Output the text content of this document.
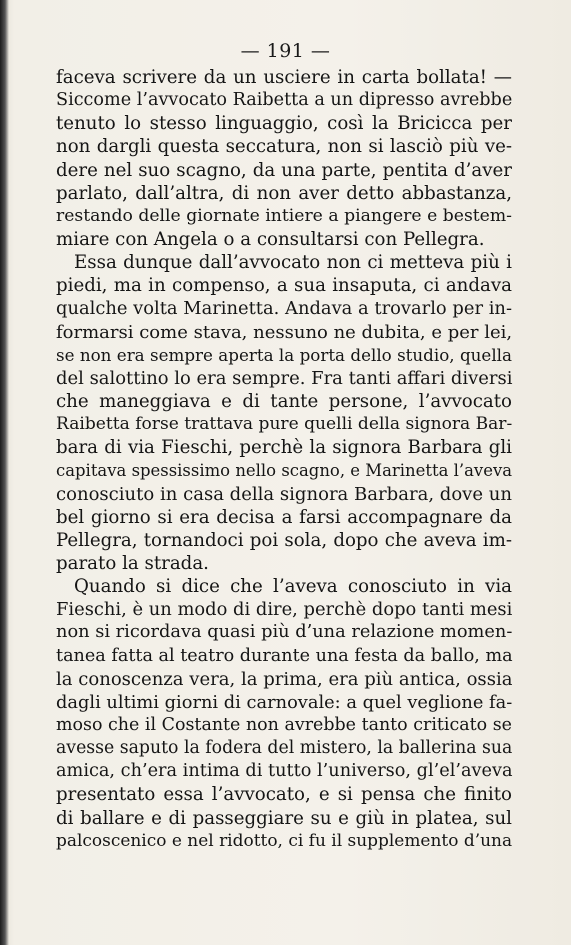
— 191 —
faceva scrivere da un usciere in carta bollata! —
Siccome l’avvocato Raibetta a un dipresso avrebbe
tenuto lo stesso linguaggio, così la Bricicca per
non dargli questa seccatura, non si lasciò più ve-
dere nel suo scagno, da una parte, pentita d’aver
parlato, dall’altra, di non aver detto abbastanza,
restando delle giornate intiere a piangere e bestem-
miare con Angela o a consultarsi con Pellegra.
Essa dunque dall’avvocato non ci metteva più i
piedi, ma in compenso, a sua insaputa, ci andava
qualche volta Marinetta. Andava a trovarlo per in-
formarsi come stava, nessuno ne dubita, e per lei,
se non era sempre aperta la porta dello studio, quella
del salottino lo era sempre. Fra tanti affari diversi
che maneggiava e di tante persone, l’avvocato
Raibetta forse trattava pure quelli della signora Bar-
bara di via Fieschi, perchè la signora Barbara gli
capitava spessissimo nello scagno, e Marinetta l’aveva
conosciuto in casa della signora Barbara, dove un
bel giorno si era decisa a farsi accompagnare da
Pellegra, tornandoci poi sola, dopo che aveva im-
parato la strada.
Quando si dice che l’aveva conosciuto in via
Fieschi, è un modo di dire, perchè dopo tanti mesi
non si ricordava quasi più d’una relazione momen-
tanea fatta al teatro durante una festa da ballo, ma
la conoscenza vera, la prima, era più antica, ossia
dagli ultimi giorni di carnovale: a quel veglione fa-
moso che il Costante non avrebbe tanto criticato se
avesse saputo la fodera del mistero, la ballerina sua
amica, ch’era intima di tutto l’universo, gl’el’aveva
presentato essa l’avvocato, e si pensa che finito
di ballare e di passeggiare su e giù in platea, sul
palcoscenico e nel ridotto, ci fu il supplemento d’una
